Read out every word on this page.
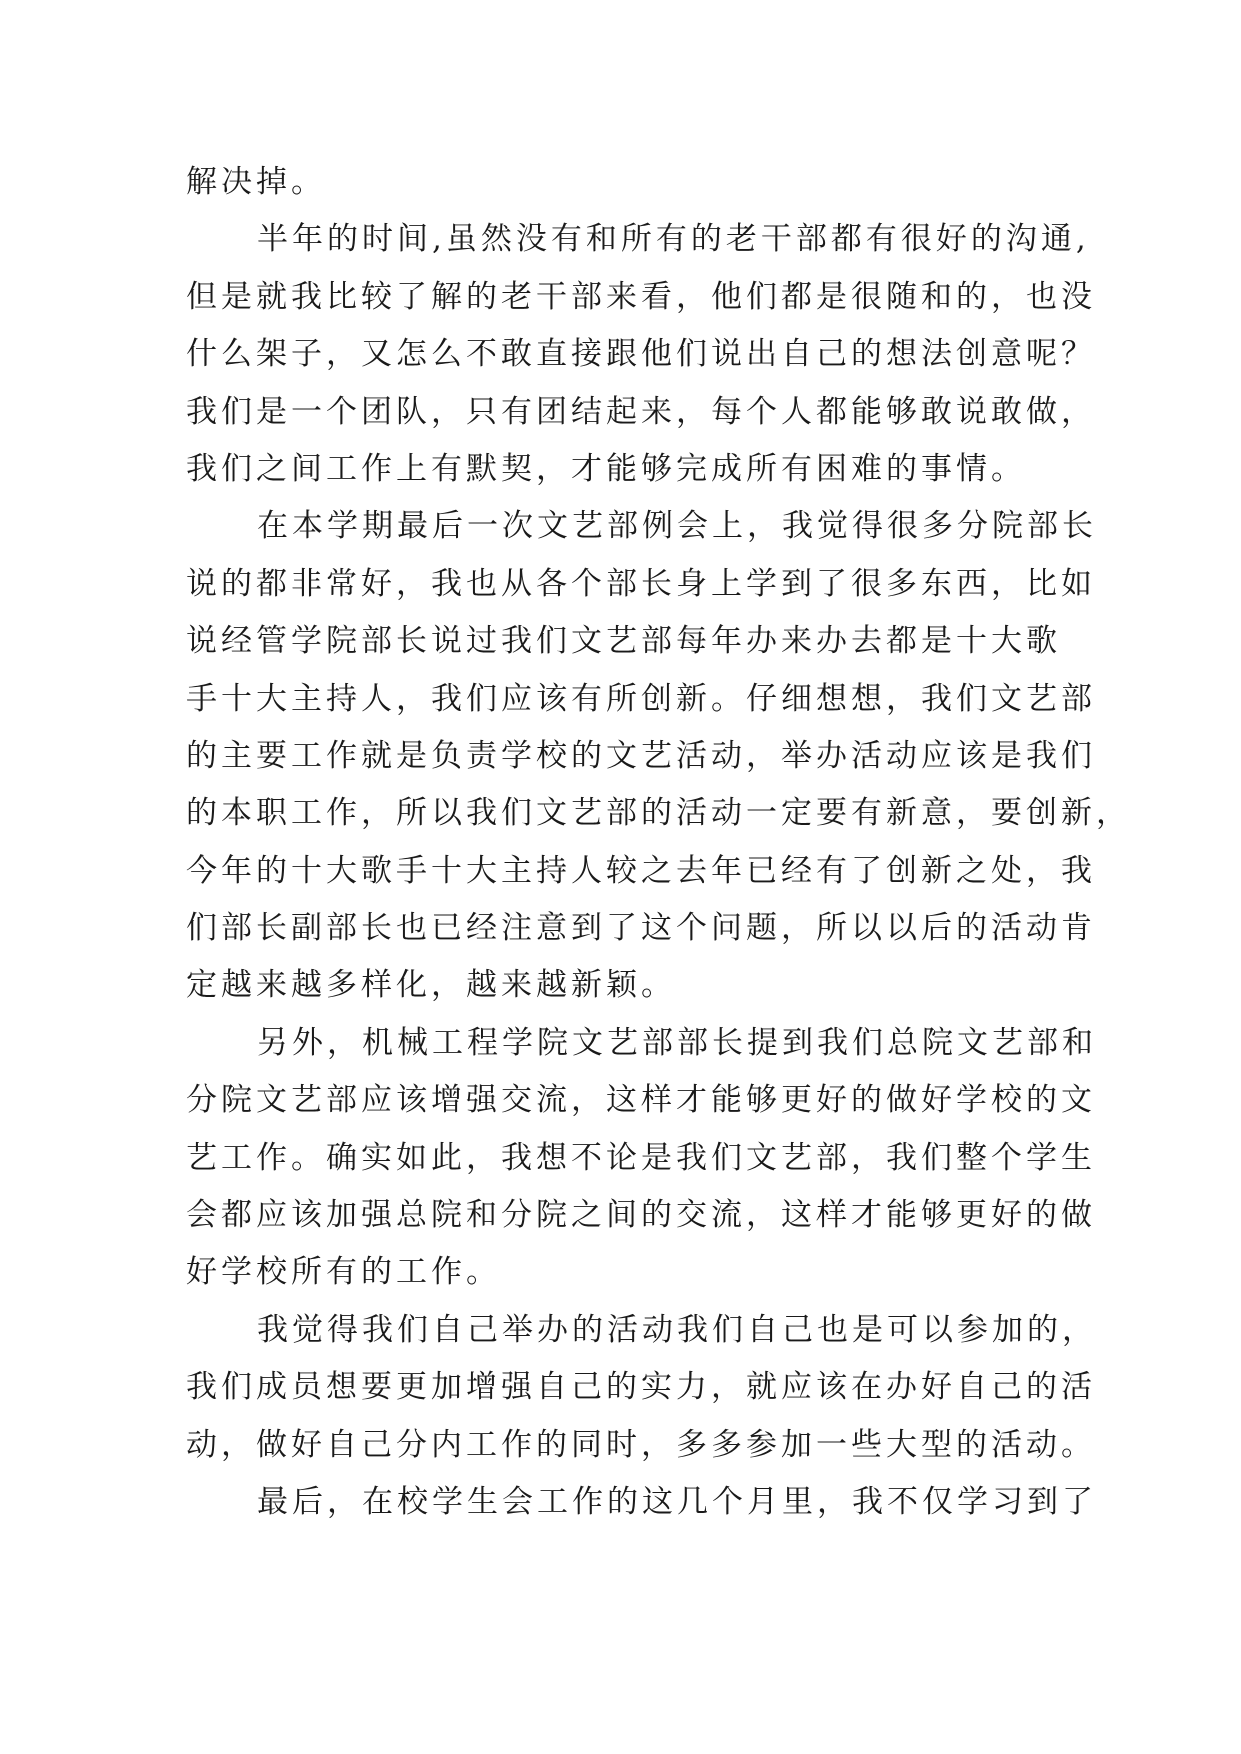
解决掉。
半年的时间,虽然没有和所有的老干部都有很好的沟通,
但是就我比较了解的老干部来看，他们都是很随和的，也没
什么架子，又怎么不敢直接跟他们说出自己的想法创意呢？
我们是一个团队，只有团结起来，每个人都能够敢说敢做，
我们之间工作上有默契，才能够完成所有困难的事情。
在本学期最后一次文艺部例会上，我觉得很多分院部长
说的都非常好，我也从各个部长身上学到了很多东西，比如
说经管学院部长说过我们文艺部每年办来办去都是十大歌
手十大主持人，我们应该有所创新。仔细想想，我们文艺部
的主要工作就是负责学校的文艺活动，举办活动应该是我们
的本职工作，所以我们文艺部的活动一定要有新意，要创新，
今年的十大歌手十大主持人较之去年已经有了创新之处，我
们部长副部长也已经注意到了这个问题，所以以后的活动肯
定越来越多样化，越来越新颖。
另外，机械工程学院文艺部部长提到我们总院文艺部和
分院文艺部应该增强交流，这样才能够更好的做好学校的文
艺工作。确实如此，我想不论是我们文艺部，我们整个学生
会都应该加强总院和分院之间的交流，这样才能够更好的做
好学校所有的工作。
我觉得我们自己举办的活动我们自己也是可以参加的，
我们成员想要更加增强自己的实力，就应该在办好自己的活
动，做好自己分内工作的同时，多多参加一些大型的活动。
最后，在校学生会工作的这几个月里，我不仅学习到了
